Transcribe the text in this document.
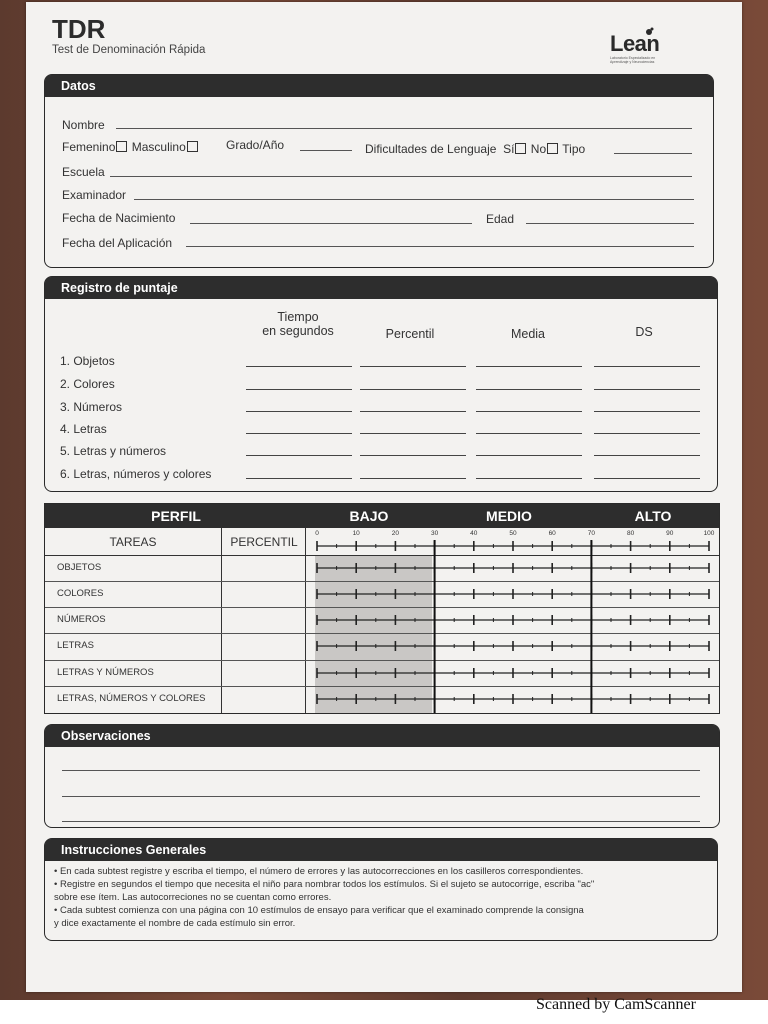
TDR
Test de Denominación Rápida	Lean
Laboratorio Especializado en Aprendizaje y Neurociencias
Datos
Nombre
Femenino Masculino	Grado/Año	Dificultades de Lenguaje Sí No Tipo
Escuela
Examinador
Fecha de Nacimiento	Edad
Fecha del Aplicación
Registro de puntaje
Tiempo
en segundos	Percentil	Media	DS
1. Objetos
2. Colores
3. Números
4. Letras
5. Letras y números
6. Letras, números y colores
PERFIL	BAJO	MEDIO	ALTO
TAREAS	PERCENTIL
OBJETOS
COLORES
NÚMEROS
LETRAS
LETRAS Y NÚMEROS
LETRAS, NÚMEROS Y COLORES
0	10	20	30	40	50	60	70	80	90	100
Observaciones
Instrucciones Generales
• En cada subtest registre y escriba el tiempo, el número de errores y las autocorrecciones en los casilleros correspondientes.
• Registre en segundos el tiempo que necesita el niño para nombrar todos los estímulos. Si el sujeto se autocorrige, escriba "ac"
sobre ese ítem. Las autocorreciones no se cuentan como errores.
• Cada subtest comienza con una página con 10 estímulos de ensayo para verificar que el examinado comprende la consigna
y dice exactamente el nombre de cada estímulo sin error.
Scanned by CamScanner
